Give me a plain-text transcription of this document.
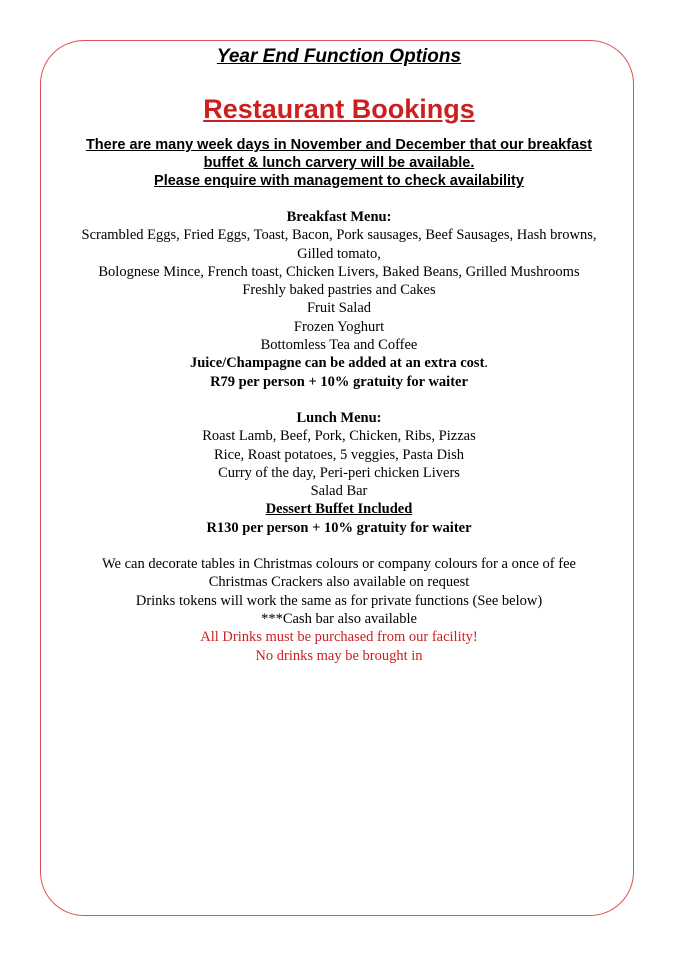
Year End Function Options

Restaurant Bookings

There are many week days in November and December that our breakfast
buffet & lunch carvery will be available.
Please enquire with management to check availability
Breakfast Menu:
Scrambled Eggs, Fried Eggs, Toast, Bacon, Pork sausages, Beef Sausages, Hash browns,
Gilled tomato,
Bolognese Mince, French toast, Chicken Livers, Baked Beans, Grilled Mushrooms
Freshly baked pastries and Cakes
Fruit Salad
Frozen Yoghurt
Bottomless Tea and Coffee
Juice/Champagne can be added at an extra cost.
R79 per person + 10% gratuity for waiter
Lunch Menu:
Roast Lamb, Beef, Pork, Chicken, Ribs, Pizzas
Rice, Roast potatoes, 5 veggies, Pasta Dish
Curry of the day, Peri-peri chicken Livers
Salad Bar
Dessert Buffet Included
R130 per person + 10% gratuity for waiter
We can decorate tables in Christmas colours or company colours for a once of fee
Christmas Crackers also available on request
Drinks tokens will work the same as for private functions (See below)
***Cash bar also available
All Drinks must be purchased from our facility!
No drinks may be brought in
